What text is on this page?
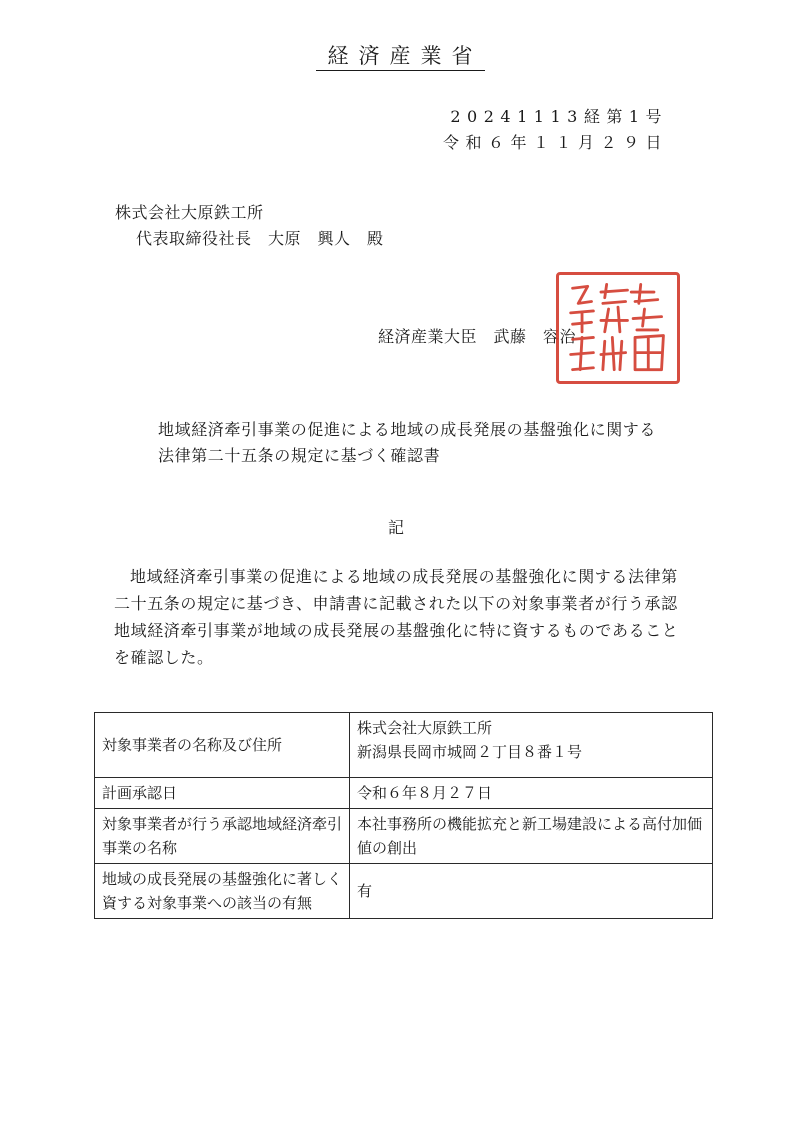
経済産業省
20241113経第1号
令和６年１１月２９日
株式会社大原鉄工所
代表取締役社長　大原　興人　殿
経済産業大臣　武藤　容治
地域経済牽引事業の促進による地域の成長発展の基盤強化に関する
法律第二十五条の規定に基づく確認書
記
地域経済牽引事業の促進による地域の成長発展の基盤強化に関する法律第二十五条の規定に基づき、申請書に記載された以下の対象事業者が行う承認地域経済牽引事業が地域の成長発展の基盤強化に特に資するものであることを確認した。
対象事業者の名称及び住所	株式会社大原鉄工所
新潟県長岡市城岡２丁目８番１号
計画承認日	令和６年８月２７日
対象事業者が行う承認地域経済牽引事業の名称	本社事務所の機能拡充と新工場建設による高付加価値の創出
地域の成長発展の基盤強化に著しく資する対象事業への該当の有無	有
